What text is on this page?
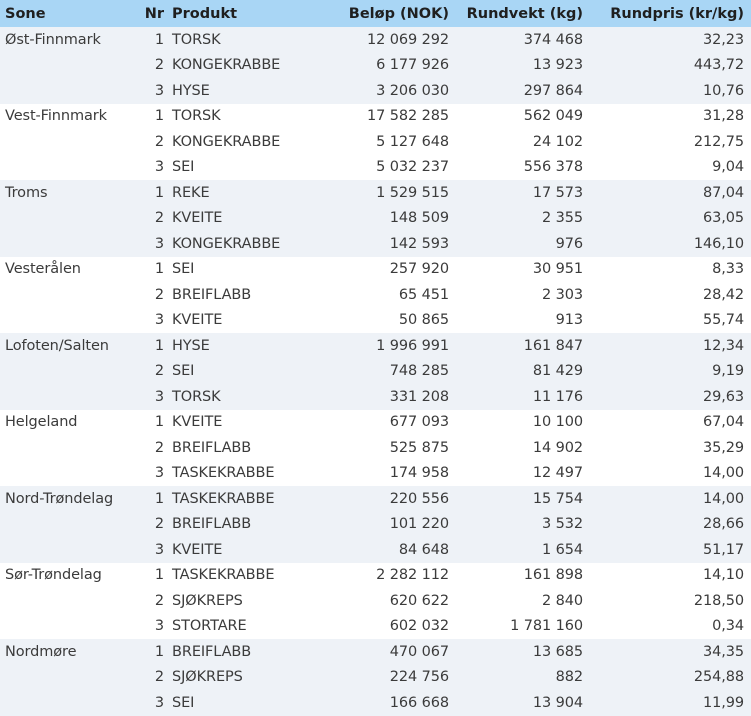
Sone	Nr	Produkt	Beløp (NOK)	Rundvekt (kg)	Rundpris (kr/kg)
Øst-Finnmark	1	TORSK	12 069 292	374 468	32,23
	2	KONGEKRABBE	6 177 926	13 923	443,72
	3	HYSE	3 206 030	297 864	10,76
Vest-Finnmark	1	TORSK	17 582 285	562 049	31,28
	2	KONGEKRABBE	5 127 648	24 102	212,75
	3	SEI	5 032 237	556 378	9,04
Troms	1	REKE	1 529 515	17 573	87,04
	2	KVEITE	148 509	2 355	63,05
	3	KONGEKRABBE	142 593	976	146,10
Vesterålen	1	SEI	257 920	30 951	8,33
	2	BREIFLABB	65 451	2 303	28,42
	3	KVEITE	50 865	913	55,74
Lofoten/Salten	1	HYSE	1 996 991	161 847	12,34
	2	SEI	748 285	81 429	9,19
	3	TORSK	331 208	11 176	29,63
Helgeland	1	KVEITE	677 093	10 100	67,04
	2	BREIFLABB	525 875	14 902	35,29
	3	TASKEKRABBE	174 958	12 497	14,00
Nord-Trøndelag	1	TASKEKRABBE	220 556	15 754	14,00
	2	BREIFLABB	101 220	3 532	28,66
	3	KVEITE	84 648	1 654	51,17
Sør-Trøndelag	1	TASKEKRABBE	2 282 112	161 898	14,10
	2	SJØKREPS	620 622	2 840	218,50
	3	STORTARE	602 032	1 781 160	0,34
Nordmøre	1	BREIFLABB	470 067	13 685	34,35
	2	SJØKREPS	224 756	882	254,88
	3	SEI	166 668	13 904	11,99
